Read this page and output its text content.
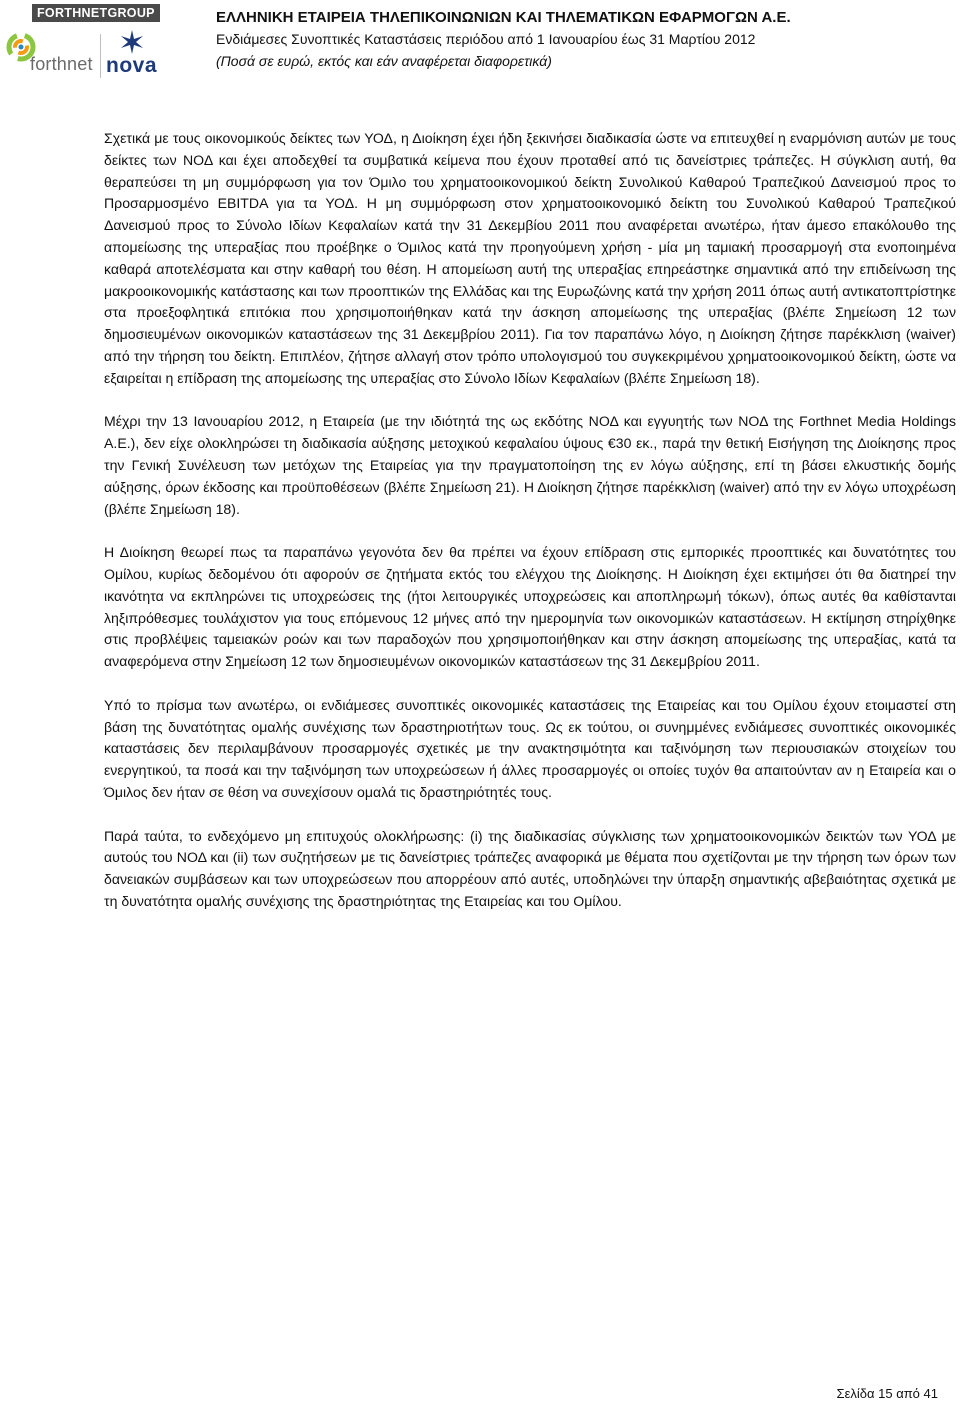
FORTHNETGROUP
forthnet nova
ΕΛΛΗΝΙΚΗ ΕΤΑΙΡΕΙΑ ΤΗΛΕΠΙΚΟΙΝΩΝΙΩΝ ΚΑΙ ΤΗΛΕΜΑΤΙΚΩΝ ΕΦΑΡΜΟΓΩΝ Α.Ε.
Ενδιάμεσες Συνοπτικές Καταστάσεις περιόδου από 1 Ιανουαρίου έως 31 Μαρτίου 2012
(Ποσά σε ευρώ, εκτός και εάν αναφέρεται διαφορετικά)

Σχετικά με τους οικονομικούς δείκτες των ΥΟΔ, η Διοίκηση έχει ήδη ξεκινήσει διαδικασία ώστε να επιτευχθεί η εναρμόνιση αυτών με τους δείκτες των ΝΟΔ και έχει αποδεχθεί τα συμβατικά κείμενα που έχουν προταθεί από τις δανείστριες τράπεζες. Η σύγκλιση αυτή, θα θεραπεύσει τη μη συμμόρφωση για τον Όμιλο του χρηματοοικονομικού δείκτη Συνολικού Καθαρού Τραπεζικού Δανεισμού προς το Προσαρμοσμένο EBITDA για τα ΥΟΔ. Η μη συμμόρφωση στον χρηματοοικονομικό δείκτη του Συνολικού Καθαρού Τραπεζικού Δανεισμού προς το Σύνολο Ιδίων Κεφαλαίων κατά την 31 Δεκεμβίου 2011 που αναφέρεται ανωτέρω, ήταν άμεσο επακόλουθο της απομείωσης της υπεραξίας που προέβηκε ο Όμιλος κατά την προηγούμενη χρήση - μία μη ταμιακή προσαρμογή στα ενοποιημένα καθαρά αποτελέσματα και στην καθαρή του θέση. Η απομείωση αυτή της υπεραξίας επηρεάστηκε σημαντικά από την επιδείνωση της μακροοικονομικής κατάστασης και των προοπτικών της Ελλάδας και της Ευρωζώνης κατά την χρήση 2011 όπως αυτή αντικατοπτρίστηκε στα προεξοφλητικά επιτόκια που χρησιμοποιήθηκαν κατά την άσκηση απομείωσης της υπεραξίας (βλέπε Σημείωση 12 των δημοσιευμένων οικονομικών καταστάσεων της 31 Δεκεμβρίου 2011). Για τον παραπάνω λόγο, η Διοίκηση ζήτησε παρέκκλιση (waiver) από την τήρηση του δείκτη. Επιπλέον, ζήτησε αλλαγή στον τρόπο υπολογισμού του συγκεκριμένου χρηματοοικονομικού δείκτη, ώστε να εξαιρείται η επίδραση της απομείωσης της υπεραξίας στο Σύνολο Ιδίων Κεφαλαίων (βλέπε Σημείωση 18).

Μέχρι την 13 Ιανουαρίου 2012, η Εταιρεία (με την ιδιότητά της ως εκδότης ΝΟΔ και εγγυητής των ΝΟΔ της Forthnet Media Holdings A.E.), δεν είχε ολοκληρώσει τη διαδικασία αύξησης μετοχικού κεφαλαίου ύψους €30 εκ., παρά την θετική Εισήγηση της Διοίκησης προς την Γενική Συνέλευση των μετόχων της Εταιρείας για την πραγματοποίηση της εν λόγω αύξησης, επί τη βάσει ελκυστικής δομής αύξησης, όρων έκδοσης και προϋποθέσεων (βλέπε Σημείωση 21). Η Διοίκηση ζήτησε παρέκκλιση (waiver) από την εν λόγω υποχρέωση (βλέπε Σημείωση 18).

Η Διοίκηση θεωρεί πως τα παραπάνω γεγονότα δεν θα πρέπει να έχουν επίδραση στις εμπορικές προοπτικές και δυνατότητες του Ομίλου, κυρίως δεδομένου ότι αφορούν σε ζητήματα εκτός του ελέγχου της Διοίκησης. Η Διοίκηση έχει εκτιμήσει ότι θα διατηρεί την ικανότητα να εκπληρώνει τις υποχρεώσεις της (ήτοι λειτουργικές υποχρεώσεις και αποπληρωμή τόκων), όπως αυτές θα καθίστανται ληξιπρόθεσμες τουλάχιστον για τους επόμενους 12 μήνες από την ημερομηνία των οικονομικών καταστάσεων. Η εκτίμηση στηρίχθηκε στις προβλέψεις ταμειακών ροών και των παραδοχών που χρησιμοποιήθηκαν και στην άσκηση απομείωσης της υπεραξίας, κατά τα αναφερόμενα στην Σημείωση 12 των δημοσιευμένων οικονομικών καταστάσεων της 31 Δεκεμβρίου 2011.

Υπό το πρίσμα των ανωτέρω, οι ενδιάμεσες συνοπτικές οικονομικές καταστάσεις της Εταιρείας και του Ομίλου έχουν ετοιμαστεί στη βάση της δυνατότητας ομαλής συνέχισης των δραστηριοτήτων τους. Ως εκ τούτου, οι συνημμένες ενδιάμεσες συνοπτικές οικονομικές καταστάσεις δεν περιλαμβάνουν προσαρμογές σχετικές με την ανακτησιμότητα και ταξινόμηση των περιουσιακών στοιχείων του ενεργητικού, τα ποσά και την ταξινόμηση των υποχρεώσεων ή άλλες προσαρμογές οι οποίες τυχόν θα απαιτούνταν αν η Εταιρεία και ο Όμιλος δεν ήταν σε θέση να συνεχίσουν ομαλά τις δραστηριότητές τους.

Παρά ταύτα, το ενδεχόμενο μη επιτυχούς ολοκλήρωσης: (i) της διαδικασίας σύγκλισης των χρηματοοικονομικών δεικτών των ΥΟΔ με αυτούς του ΝΟΔ και (ii) των συζητήσεων με τις δανείστριες τράπεζες αναφορικά με θέματα που σχετίζονται με την τήρηση των όρων των δανειακών συμβάσεων και των υποχρεώσεων που απορρέουν από αυτές, υποδηλώνει την ύπαρξη σημαντικής αβεβαιότητας σχετικά με τη δυνατότητα ομαλής συνέχισης της δραστηριότητας της Εταιρείας και του Ομίλου.

Σελίδα 15 από 41
